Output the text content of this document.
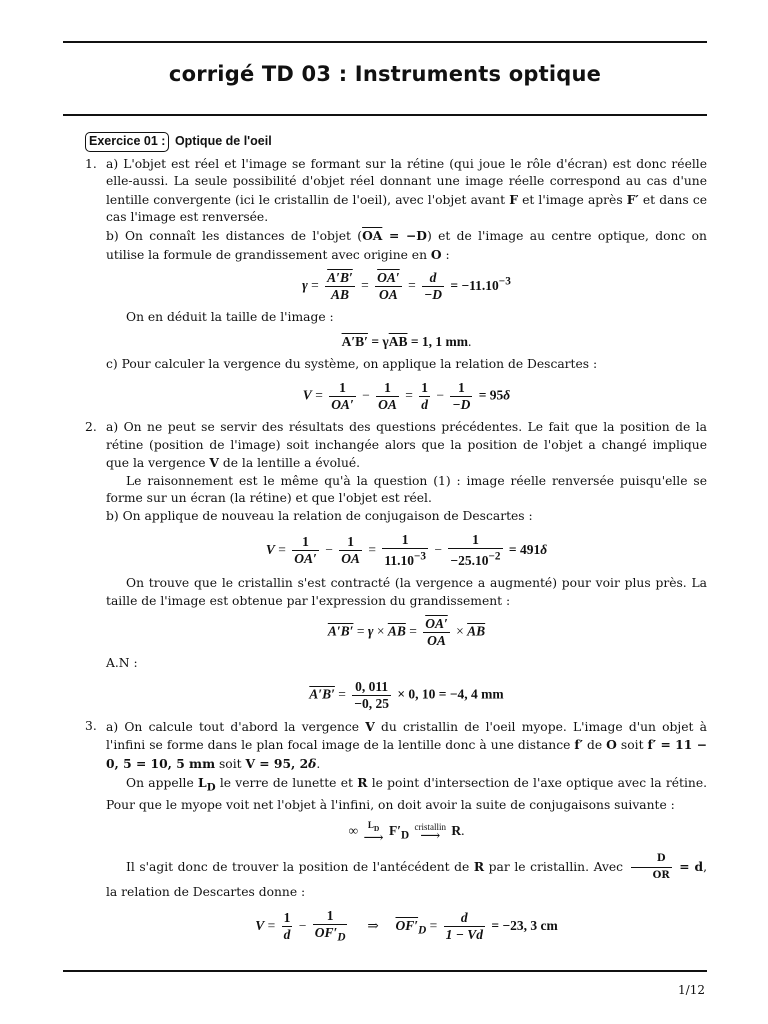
corrigé TD 03 : Instruments optique
Exercice 01 : Optique de l'oeil
1. a) L'objet est réel et l'image se formant sur la rétine (qui joue le rôle d'écran) est donc réelle elle-aussi. La seule possibilité d'objet réel donnant une image réelle correspond au cas d'une lentille convergente (ici le cristallin de l'oeil), avec l'objet avant F et l'image après F′ et dans ce cas l'image est renversée.

b) On connaît les distances de l'objet $(\overline{OA} = -D)$ et de l'image au centre optique, donc on utilise la formule de grandissement avec origine en O :

$\gamma = \frac{A'B'}{AB} = \frac{OA'}{OA} = \frac{d}{-D} = -11.10^{-3}$

On en déduit la taille de l'image :

$A'B' = \gamma\overline{AB} = 1$, 1 mm.

c) Pour calculer la vergence du système, on applique la relation de Descartes :

$V = \frac{1}{OA'} - \frac{1}{OA} = \frac{1}{d} - \frac{1}{-D} = 95\delta$
2. a) On ne peut se servir des résultats des questions précédentes. Le fait que la position de la rétine (position de l'image) soit inchangée alors que la position de l'objet a changé implique que la vergence V de la lentille a évolué.

Le raisonnement est le même qu'à la question (1) : image réelle renversée puisqu'elle se forme sur un écran (la rétine) et que l'objet est réel.

b) On applique de nouveau la relation de conjugaison de Descartes :

$V = \frac{1}{OA'} - \frac{1}{OA} = \frac{1}{11.10^{-3}} - \frac{1}{-25.10^{-2}} = 491\delta$

On trouve que le cristallin s'est contracté (la vergence a augmenté) pour voir plus près. La taille de l'image est obtenue par l'expression du grandissement :

$A'B' = \gamma \times \overline{AB} = \frac{OA'}{OA} \times \overline{AB}$

A.N :

$A'B' = \frac{0, 011}{-0, 25} \times 0$, 10 = −4, 4 mm
3. a) On calcule tout d'abord la vergence V du cristallin de l'oeil myope. L'image d'un objet à l'infini se forme dans le plan focal image de la lentille donc à une distance f′ de O soit f′ = 11 − 0, 5 = 10, 5 mm soit V = 95, 2δ.

On appelle $L_D$ le verre de lunette et R le point d'intersection de l'axe optique avec la rétine. Pour que le myope voit net l'objet à l'infini, on doit avoir la suite de conjugaisons suivante :

∞ $L_D$
⟶
$F'_D$ cristallin
⟶ R.

Il s'agit donc de trouver la position de l'antécédent de R par le cristallin. Avec $\frac{D}{OR} = d$, la relation de Descartes donne :

$V = \frac{1}{d} - \frac{1}{OF'_D}$ ⇒     $OF'_D = \frac{d}{1 - Vd} = -23$, 3 cm
1/12
